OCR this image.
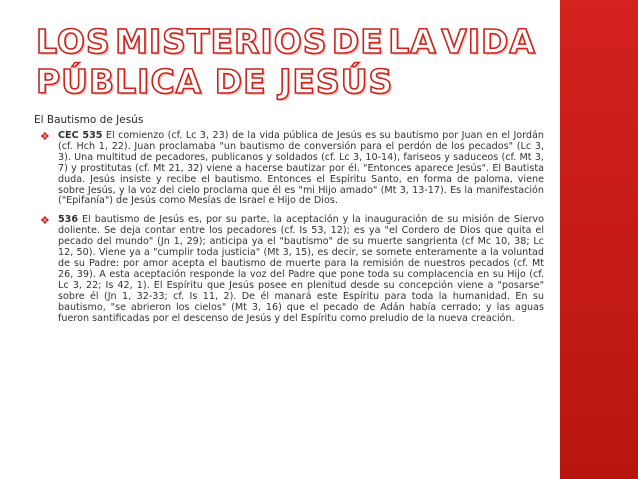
LOS MISTERIOS DE LA VIDA
PÚBLICA DE JESÚS
El Bautismo de Jesús
❖ CEC 535 El comienzo (cf. Lc 3, 23) de la vida pública de Jesús es su bautismo por Juan en el Jordán (cf. Hch 1, 22). Juan proclamaba "un bautismo de conversión para el perdón de los pecados" (Lc 3, 3). Una multitud de pecadores, publicanos y soldados (cf. Lc 3, 10-14), fariseos y saduceos (cf. Mt 3, 7) y prostitutas (cf. Mt 21, 32) viene a hacerse bautizar por él. "Entonces aparece Jesús". El Bautista duda. Jesús insiste y recibe el bautismo. Entonces el Espíritu Santo, en forma de paloma, viene sobre Jesús, y la voz del cielo proclama que él es "mi Hijo amado" (Mt 3, 13-17). Es la manifestación ("Epifanía") de Jesús como Mesías de Israel e Hijo de Dios.
❖ 536 El bautismo de Jesús es, por su parte, la aceptación y la inauguración de su misión de Siervo doliente. Se deja contar entre los pecadores (cf. Is 53, 12); es ya "el Cordero de Dios que quita el pecado del mundo" (Jn 1, 29); anticipa ya el "bautismo" de su muerte sangrienta (cf Mc 10, 38; Lc 12, 50). Viene ya a "cumplir toda justicia" (Mt 3, 15), es decir, se somete enteramente a la voluntad de su Padre: por amor acepta el bautismo de muerte para la remisión de nuestros pecados (cf. Mt 26, 39). A esta aceptación responde la voz del Padre que pone toda su complacencia en su Hijo (cf. Lc 3, 22; Is 42, 1). El Espíritu que Jesús posee en plenitud desde su concepción viene a "posarse" sobre él (Jn 1, 32-33; cf. Is 11, 2). De él manará este Espíritu para toda la humanidad. En su bautismo, "se abrieron los cielos" (Mt 3, 16) que el pecado de Adán había cerrado; y las aguas fueron santificadas por el descenso de Jesús y del Espíritu como preludio de la nueva creación.
